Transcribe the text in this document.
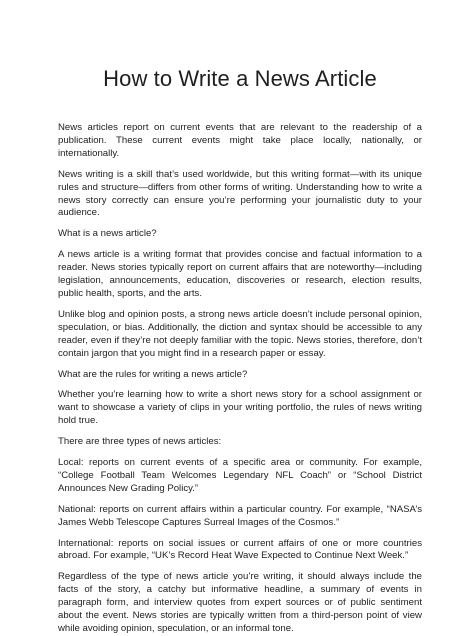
How to Write a News Article

News articles report on current events that are relevant to the readership of a publication. These current events might take place locally, nationally, or internationally.

News writing is a skill that’s used worldwide, but this writing format—with its unique rules and structure—differs from other forms of writing. Understanding how to write a news story correctly can ensure you’re performing your journalistic duty to your audience.

What is a news article?

A news article is a writing format that provides concise and factual information to a reader. News stories typically report on current affairs that are noteworthy—including legislation, announcements, education, discoveries or research, election results, public health, sports, and the arts.

Unlike blog and opinion posts, a strong news article doesn’t include personal opinion, speculation, or bias. Additionally, the diction and syntax should be accessible to any reader, even if they’re not deeply familiar with the topic. News stories, therefore, don’t contain jargon that you might find in a research paper or essay.

What are the rules for writing a news article?

Whether you’re learning how to write a short news story for a school assignment or want to showcase a variety of clips in your writing portfolio, the rules of news writing hold true.

There are three types of news articles:

Local: reports on current events of a specific area or community. For example, “College Football Team Welcomes Legendary NFL Coach” or “School District Announces New Grading Policy.”

National: reports on current affairs within a particular country. For example, “NASA’s James Webb Telescope Captures Surreal Images of the Cosmos.”

International: reports on social issues or current affairs of one or more countries abroad. For example, “UK’s Record Heat Wave Expected to Continue Next Week.”

Regardless of the type of news article you’re writing, it should always include the facts of the story, a catchy but informative headline, a summary of events in paragraph form, and interview quotes from expert sources or of public sentiment about the event. News stories are typically written from a third-person point of view while avoiding opinion, speculation, or an informal tone.
